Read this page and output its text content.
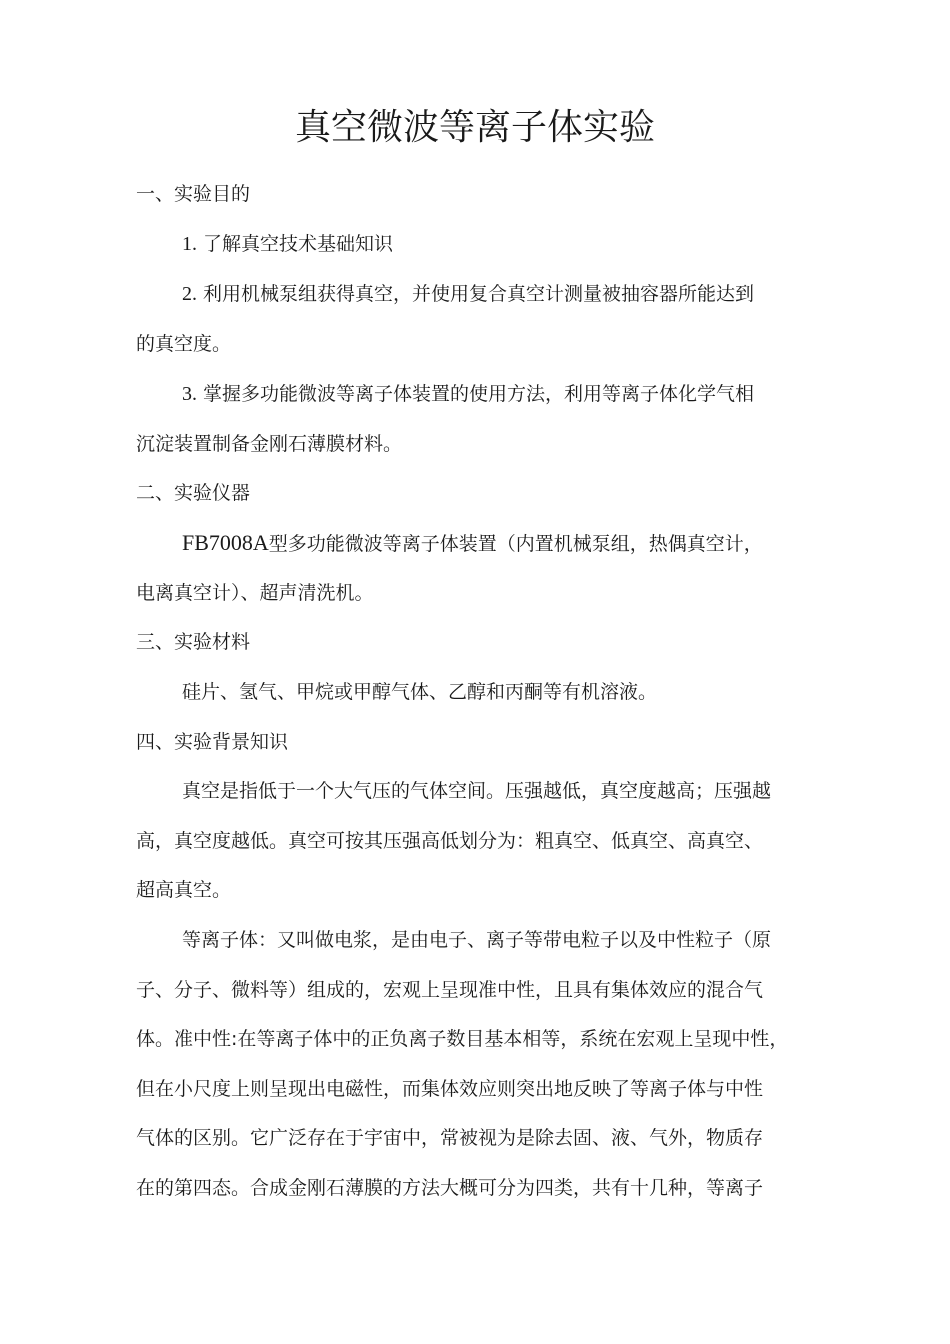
真空微波等离子体实验
一、实验目的
1. 了解真空技术基础知识
2. 利用机械泵组获得真空，并使用复合真空计测量被抽容器所能达到
的真空度。
3. 掌握多功能微波等离子体装置的使用方法，利用等离子体化学气相
沉淀装置制备金刚石薄膜材料。
二、实验仪器
FB7008A型多功能微波等离子体装置（内置机械泵组，热偶真空计，
电离真空计）、超声清洗机。
三、实验材料
硅片、氢气、甲烷或甲醇气体、乙醇和丙酮等有机溶液。
四、实验背景知识
真空是指低于一个大气压的气体空间。压强越低，真空度越高；压强越
高，真空度越低。真空可按其压强高低划分为：粗真空、低真空、高真空、
超高真空。
等离子体：又叫做电浆，是由电子、离子等带电粒子以及中性粒子（原
子、分子、微料等）组成的，宏观上呈现准中性，且具有集体效应的混合气
体。准中性:在等离子体中的正负离子数目基本相等，系统在宏观上呈现中性，
但在小尺度上则呈现出电磁性，而集体效应则突出地反映了等离子体与中性
气体的区别。它广泛存在于宇宙中，常被视为是除去固、液、气外，物质存
在的第四态。合成金刚石薄膜的方法大概可分为四类，共有十几种，等离子
